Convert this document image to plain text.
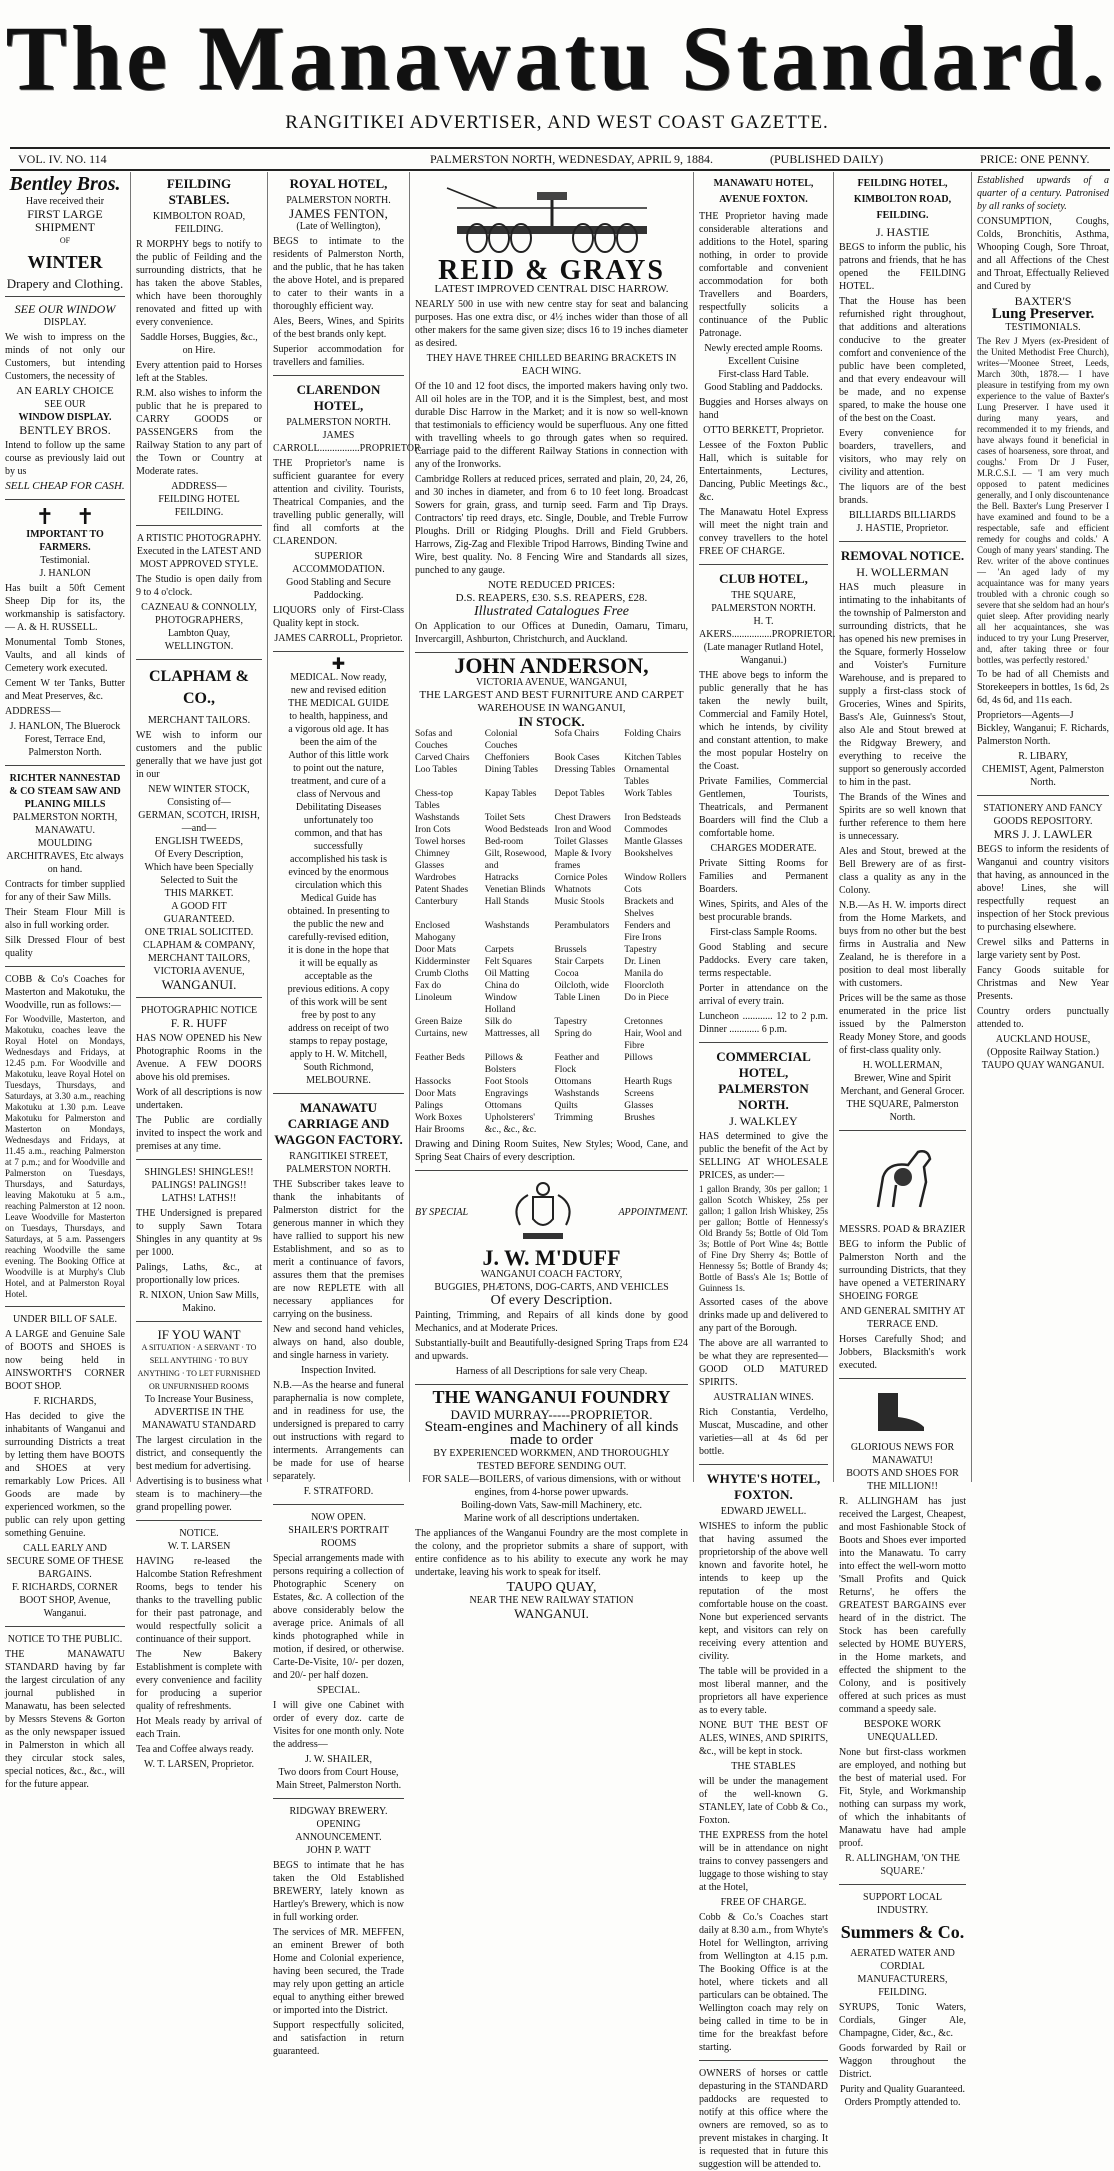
The Manawatu Standard.
RANGITIKEI ADVERTISER, AND WEST COAST GAZETTE.
VOL. IV. NO. 114	PALMERSTON NORTH, WEDNESDAY, APRIL 9, 1884.	(PUBLISHED DAILY)	PRICE: ONE PENNY.
Bentley Bros.
Have received their
FIRST LARGE SHIPMENT
OF
WINTER
Drapery and Clothing.
SEE OUR WINDOW
DISPLAY.
We wish to impress on the minds of not only our Customers, but intending Customers, the necessity of
AN EARLY CHOICE
SEE OUR
WINDOW DISPLAY.
BENTLEY BROS.
Intend to follow up the same course as previously laid out by us
SELL CHEAP FOR CASH.
✝    ✝
IMPORTANT TO FARMERS.
Testimonial.
J. HANLON
Has built a 50ft Cement Sheep Dip for its, the workmanship is satisfactory. — A. & H. RUSSELL.
Monumental Tomb Stones, Vaults, and all kinds of Cemetery work executed.
Cement W ter Tanks, Butter and Meat Preserves, &c.
ADDRESS—
J. HANLON, The Bluerock Forest, Terrace End, Palmerston North.
RICHTER NANNESTAD & CO STEAM SAW AND PLANING MILLS
PALMERSTON NORTH, MANAWATU.
MOULDING ARCHITRAVES, Etc always on hand.
Contracts for timber supplied for any of their Saw Mills.
Their Steam Flour Mill is also in full working order.
Silk Dressed Flour of best quality
COBB & Co's Coaches for Masterton and Makotuku, the Woodville, run as follows:—
For Woodville, Masterton, and Makotuku, coaches leave the Royal Hotel on Mondays, Wednesdays and Fridays, at 12.45 p.m. For Woodville and Makotuku, leave Royal Hotel on Tuesdays, Thursdays, and Saturdays, at 3.30 a.m., reaching Makotuku at 1.30 p.m. Leave Makotuku for Palmerston and Masterton on Mondays, Wednesdays and Fridays, at 11.45 a.m., reaching Palmerston at 7 p.m.; and for Woodville and Palmerston on Tuesdays, Thursdays, and Saturdays, leaving Makotuku at 5 a.m., reaching Palmerston at 12 noon. Leave Woodville for Masterton on Tuesdays, Thursdays, and Saturdays, at 5 a.m. Passengers reaching Woodville the same evening. The Booking Office at Woodville is at Murphy's Club Hotel, and at Palmerston Royal Hotel.
UNDER BILL OF SALE.
A LARGE and Genuine Sale of BOOTS and SHOES is now being held in AINSWORTH'S CORNER BOOT SHOP.
F. RICHARDS,
Has decided to give the inhabitants of Wanganui and surrounding Districts a treat by letting them have BOOTS and SHOES at very remarkably Low Prices. All Goods are made by experienced workmen, so the public can rely upon getting something Genuine.
CALL EARLY AND SECURE SOME OF THESE BARGAINS.
F. RICHARDS, CORNER BOOT SHOP, Avenue, Wanganui.
NOTICE TO THE PUBLIC.
THE MANAWATU STANDARD having by far the largest circulation of any journal published in Manawatu, has been selected by Messrs Stevens & Gorton as the only newspaper issued in Palmerston in which all they circular stock sales, special notices, &c., &c., will for the future appear.
FEILDING STABLES.
KIMBOLTON ROAD, FEILDING.
R MORPHY begs to notify to the public of Feilding and the surrounding districts, that he has taken the above Stables, which have been thoroughly renovated and fitted up with every convenience.
Saddle Horses, Buggies, &c., on Hire.
Every attention paid to Horses left at the Stables.
R.M. also wishes to inform the public that he is prepared to CARRY GOODS or PASSENGERS from the Railway Station to any part of the Town or Country at Moderate rates.
ADDRESS—
FEILDING HOTEL FEILDING.
A RTISTIC PHOTOGRAPHY.
Executed in the LATEST AND MOST APPROVED STYLE.
The Studio is open daily from 9 to 4 o'clock.
CAZNEAU & CONNOLLY, PHOTOGRAPHERS,
Lambton Quay, WELLINGTON.
CLAPHAM & CO.,
MERCHANT TAILORS.
WE wish to inform our customers and the public generally that we have just got in our
NEW WINTER STOCK,
Consisting of—
GERMAN, SCOTCH, IRISH,
—and—
ENGLISH TWEEDS,
Of Every Description,
Which have been Specially Selected to Suit the
THIS MARKET.
A GOOD FIT GUARANTEED.
ONE TRIAL SOLICITED.
CLAPHAM & COMPANY,
MERCHANT TAILORS,
VICTORIA AVENUE,
WANGANUI.
PHOTOGRAPHIC NOTICE
F. R. HUFF
HAS NOW OPENED his New Photographic Rooms in the Avenue. A FEW DOORS above his old premises.
Work of all descriptions is now undertaken.
The Public are cordially invited to inspect the work and premises at any time.
SHINGLES! SHINGLES!!
PALINGS! PALINGS!!
LATHS! LATHS!!
THE Undersigned is prepared to supply Sawn Totara Shingles in any quantity at 9s per 1000.
Palings, Laths, &c., at proportionally low prices.
R. NIXON, Union Saw Mills, Makino.
IF YOU WANT
A SITUATION · A SERVANT · TO SELL ANYTHING · TO BUY ANYTHING · TO LET FURNISHED OR UNFURNISHED ROOMS
To Increase Your Business, ADVERTISE IN THE MANAWATU STANDARD
The largest circulation in the district, and consequently the best medium for advertising.
Advertising is to business what steam is to machinery—the grand propelling power.
NOTICE.
W. T. LARSEN
HAVING re-leased the Halcombe Station Refreshment Rooms, begs to tender his thanks to the travelling public for their past patronage, and would respectfully solicit a continuance of their support.
The New Bakery Establishment is complete with every convenience and facility for producing a superior quality of refreshments.
Hot Meals ready by arrival of each Train.
Tea and Coffee always ready.
W. T. LARSEN, Proprietor.
ROYAL HOTEL,
PALMERSTON NORTH.
JAMES FENTON,
(Late of Wellington),
BEGS to intimate to the residents of Palmerston North, and the public, that he has taken the above Hotel, and is prepared to cater to their wants in a thoroughly efficient way.
Ales, Beers, Wines, and Spirits of the best brands only kept.
Superior accommodation for travellers and families.
CLARENDON HOTEL,
PALMERSTON NORTH.
JAMES CARROLL................PROPRIETOR.
THE Proprietor's name is sufficient guarantee for every attention and civility. Tourists, Theatrical Companies, and the travelling public generally, will find all comforts at the CLARENDON.
SUPERIOR ACCOMMODATION.
Good Stabling and Secure Paddocking.
LIQUORS only of First-Class Quality kept in stock.
JAMES CARROLL, Proprietor.
✚
MEDICAL. Now ready, new and revised edition THE MEDICAL GUIDE to health, happiness, and a vigorous old age. It has been the aim of the Author of this little work to point out the nature, treatment, and cure of a class of Nervous and Debilitating Diseases unfortunately too common, and that has successfully accomplished his task is evinced by the enormous circulation which this Medical Guide has obtained. In presenting to the public the new and carefully-revised edition, it is done in the hope that it will be equally as acceptable as the previous editions. A copy of this work will be sent free by post to any address on receipt of two stamps to repay postage, apply to H. W. Mitchell, South Richmond, MELBOURNE.
MANAWATU CARRIAGE AND WAGGON FACTORY.
RANGITIKEI STREET, PALMERSTON NORTH.
THE Subscriber takes leave to thank the inhabitants of Palmerston district for the generous manner in which they have rallied to support his new Establishment, and so as to merit a continuance of favors, assures them that the premises are now REPLETE with all necessary appliances for carrying on the business.
New and second hand vehicles, always on hand, also double, and single harness in variety.
Inspection Invited.
N.B.—As the hearse and funeral paraphernalia is now complete, and in readiness for use, the undersigned is prepared to carry out instructions with regard to interments. Arrangements can be made for use of hearse separately.
F. STRATFORD.
NOW OPEN.
SHAILER'S PORTRAIT ROOMS
Special arrangements made with persons requiring a collection of Photographic Scenery on Estates, &c. A collection of the above considerably below the average price. Animals of all kinds photographed while in motion, if desired, or otherwise. Carte-De-Visite, 10/- per dozen, and 20/- per half dozen.
SPECIAL.
I will give one Cabinet with order of every doz. carte de Visites for one month only. Note the address—
J. W. SHAILER,
Two doors from Court House, Main Street, Palmerston North.
RIDGWAY BREWERY.
OPENING ANNOUNCEMENT.
JOHN P. WATT
BEGS to intimate that he has taken the Old Established BREWERY, lately known as Hartley's Brewery, which is now in full working order.
The services of MR. MEFFEN, an eminent Brewer of both Home and Colonial experience, having been secured, the Trade may rely upon getting an article equal to anything either brewed or imported into the District.
Support respectfully solicited, and satisfaction in return guaranteed.
REID & GRAYS
LATEST IMPROVED CENTRAL DISC HARROW.
NEARLY 500 in use with new centre stay for seat and balancing purposes. Has one extra disc, or 4½ inches wider than those of all other makers for the same given size; discs 16 to 19 inches diameter as desired.
THEY HAVE THREE CHILLED BEARING BRACKETS IN EACH WING.
Of the 10 and 12 foot discs, the imported makers having only two. All oil holes are in the TOP, and it is the Simplest, best, and most durable Disc Harrow in the Market; and it is now so well-known that testimonials to efficiency would be superfluous. Any one fitted with travelling wheels to go through gates when so required. Carriage paid to the different Railway Stations in connection with any of the Ironworks.
Cambridge Rollers at reduced prices, serrated and plain, 20, 24, 26, and 30 inches in diameter, and from 6 to 10 feet long. Broadcast Sowers for grain, grass, and turnip seed. Farm and Tip Drays. Contractors' tip reed drays, etc. Single, Double, and Treble Furrow Ploughs. Drill or Ridging Ploughs. Drill and Field Grubbers. Harrows, Zig-Zag and Flexible Tripod Harrows, Binding Twine and Wire, best quality. No. 8 Fencing Wire and Standards all sizes, punched to any gauge.
NOTE REDUCED PRICES:
D.S. REAPERS, £30. S.S. REAPERS, £28.
Illustrated Catalogues Free
On Application to our Offices at Dunedin, Oamaru, Timaru, Invercargill, Ashburton, Christchurch, and Auckland.
JOHN ANDERSON,
VICTORIA AVENUE, WANGANUI,
THE LARGEST AND BEST FURNITURE AND CARPET WAREHOUSE IN WANGANUI,
IN STOCK.
Sofas and Couches
Colonial Couches
Sofa Chairs	Folding Chairs
Carved Chairs	Cheffoniers	Book Cases	Kitchen Tables
Loo Tables	Dining Tables	Dressing Tables Ornamental Tables
Chess-top Tables
Kapay Tables	Depot Tables	Work Tables
Washstands	Toilet Sets	Chest Drawers	Iron Bedsteads
Iron Cots	Wood Bedsteads Iron and Wood	Commodes
Towel horses	Bed-room	Toilet Glasses	Mantle Glasses
Chimney Glasses
Gilt, Rosewood, and
Maple & Ivory frames
Bookshelves
Wardrobes	Hatracks	Cornice Poles	Window Rollers
Patent Shades	Venetian Blinds Whatnots	Cots
Canterbury	Hall Stands	Music Stools	Brackets and Shelves
Enclosed Mahogany
Washstands	Perambulators	Fenders and Fire Irons
Door Mats	Carpets	Brussels	Tapestry
Kidderminster	Felt Squares	Stair Carpets	Dr. Linen
Crumb Cloths	Oil Matting	Cocoa	Manila do
Fax do	China do	Oilcloth, wide	Floorcloth
Linoleum	Window Holland
Table Linen	Do in Piece
Green Baize	Silk do	Tapestry	Cretonnes
Curtains, new	Mattresses, all	Spring do	Hair, Wool and Fibre
Feather Beds	Pillows & Bolsters
Feather and Flock
Pillows
Hassocks	Foot Stools	Ottomans	Hearth Rugs
Door Mats	Engravings	Washstands	Screens
Palings	Ottomans	Quilts	Glasses
Work Boxes	Upholsterers'	Trimming	Brushes
Hair Brooms	&c., &c., &c.
Drawing and Dining Room Suites, New Styles; Wood, Cane, and Spring Seat Chairs of every description.
BY SPECIAL	APPOINTMENT.
J. W. M'DUFF
WANGANUI COACH FACTORY,
BUGGIES, PHÆTONS, DOG-CARTS, AND VEHICLES
Of every Description.
Painting, Trimming, and Repairs of all kinds done by good Mechanics, and at Moderate Prices.
Substantially-built and Beautifully-designed Spring Traps from £24 and upwards.
Harness of all Descriptions for sale very Cheap.
THE WANGANUI FOUNDRY
DAVID MURRAY-----PROPRIETOR.
Steam-engines and Machinery of all kinds made to order
BY EXPERIENCED WORKMEN, AND THOROUGHLY TESTED BEFORE SENDING OUT.
FOR SALE—BOILERS, of various dimensions, with or without engines, from 4-horse power upwards.
Boiling-down Vats, Saw-mill Machinery, etc.
Marine work of all descriptions undertaken.
The appliances of the Wanganui Foundry are the most complete in the colony, and the proprietor submits a share of support, with entire confidence as to his ability to execute any work he may undertake, leaving his work to speak for itself.
TAUPO QUAY,
NEAR THE NEW RAILWAY STATION
WANGANUI.
MANAWATU HOTEL, AVENUE FOXTON.
THE Proprietor having made considerable alterations and additions to the Hotel, sparing nothing, in order to provide comfortable and convenient accommodation for both Travellers and Boarders, respectfully solicits a continuance of the Public Patronage.
Newly erected ample Rooms.
Excellent Cuisine
First-class Hard Table.
Good Stabling and Paddocks.
Buggies and Horses always on hand
OTTO BERKETT, Proprietor.
Lessee of the Foxton Public Hall, which is suitable for Entertainments, Lectures, Dancing, Public Meetings &c., &c.
The Manawatu Hotel Express will meet the night train and convey travellers to the hotel FREE OF CHARGE.
CLUB HOTEL,
THE SQUARE,
PALMERSTON NORTH.
H. T. AKERS................PROPRIETOR.
(Late manager Rutland Hotel, Wanganui.)
THE above begs to inform the public generally that he has taken the newly built, Commercial and Family Hotel, which he intends, by civility and constant attention, to make the most popular Hostelry on the Coast.
Private Families, Commercial Gentlemen, Tourists, Theatricals, and Permanent Boarders will find the Club a comfortable home.
CHARGES MODERATE.
Private Sitting Rooms for Families and Permanent Boarders.
Wines, Spirits, and Ales of the best procurable brands.
First-class Sample Rooms.
Good Stabling and secure Paddocks. Every care taken, terms respectable.
Porter in attendance on the arrival of every train.
Luncheon ............ 12 to 2 p.m. Dinner ............ 6 p.m.
COMMERCIAL HOTEL, PALMERSTON NORTH.
J. WALKLEY
HAS determined to give the public the benefit of the Act by SELLING AT WHOLESALE PRICES, as under:—
1 gallon Brandy, 30s per gallon; 1 gallon Scotch Whiskey, 25s per gallon; 1 gallon Irish Whiskey, 25s per gallon; Bottle of Hennessy's Old Brandy 5s; Bottle of Old Tom 3s; Bottle of Port Wine 4s; Bottle of Fine Dry Sherry 4s; Bottle of Hennessy 5s; Bottle of Brandy 4s; Bottle of Bass's Ale 1s; Bottle of Guinness 1s.
Assorted cases of the above drinks made up and delivered to any part of the Borough.
The above are all warranted to be what they are represented—GOOD OLD MATURED SPIRITS.
AUSTRALIAN WINES.
Rich Constantia, Verdelho, Muscat, Muscadine, and other varieties—all at 4s 6d per bottle.
WHYTE'S HOTEL, FOXTON.
EDWARD JEWELL.
WISHES to inform the public that having assumed the proprietorship of the above well known and favorite hotel, he intends to keep up the reputation of the most comfortable house on the coast. None but experienced servants kept, and visitors can rely on receiving every attention and civility.
The table will be provided in a most liberal manner, and the proprietors all have experience as to every table.
NONE BUT THE BEST OF ALES, WINES, AND SPIRITS, &c., will be kept in stock.
THE STABLES
will be under the management of the well-known G. STANLEY, late of Cobb & Co., Foxton.
THE EXPRESS from the hotel will be in attendance on night trains to convey passengers and luggage to those wishing to stay at the Hotel,
FREE OF CHARGE.
Cobb & Co.'s Coaches start daily at 8.30 a.m., from Whyte's Hotel for Wellington, arriving from Wellington at 4.15 p.m. The Booking Office is at the hotel, where tickets and all particulars can be obtained. The Wellington coach may rely on being called in time to be in time for the breakfast before starting.
OWNERS of horses or cattle depasturing in the STANDARD paddocks are requested to notify at this office where the owners are removed, so as to prevent mistakes in charging. It is requested that in future this suggestion will be attended to.
FEILDING HOTEL, KIMBOLTON ROAD, FEILDING.
J. HASTIE
BEGS to inform the public, his patrons and friends, that he has opened the FEILDING HOTEL.
That the House has been refurnished right throughout, that additions and alterations conducive to the greater comfort and convenience of the public have been completed, and that every endeavour will be made, and no expense spared, to make the house one of the best on the Coast.
Every convenience for boarders, travellers, and visitors, who may rely on civility and attention.
The liquors are of the best brands.
BILLIARDS BILLIARDS
J. HASTIE, Proprietor.
REMOVAL NOTICE.
H. WOLLERMAN
HAS much pleasure in intimating to the inhabitants of the township of Palmerston and surrounding districts, that he has opened his new premises in the Square, formerly Hosselow and Voister's Furniture Warehouse, and is prepared to supply a first-class stock of Groceries, Wines and Spirits, Bass's Ale, Guinness's Stout, also Ale and Stout brewed at the Ridgway Brewery, and everything to receive the support so generously accorded to him in the past.
The Brands of the Wines and Spirits are so well known that further reference to them here is unnecessary.
Ales and Stout, brewed at the Bell Brewery are of as first-class a quality as any in the Colony.
N.B.—As H. W. imports direct from the Home Markets, and buys from no other but the best firms in Australia and New Zealand, he is therefore in a position to deal most liberally with customers.
Prices will be the same as those enumerated in the price list issued by the Palmerston Ready Money Store, and goods of first-class quality only.
H. WOLLERMAN,
Brewer, Wine and Spirit Merchant, and General Grocer.
THE SQUARE, Palmerston North.
MESSRS. POAD & BRAZIER
BEG to inform the Public of Palmerston North and the surrounding Districts, that they have opened a VETERINARY SHOEING FORGE
AND GENERAL SMITHY AT TERRACE END.
Horses Carefully Shod; and Jobbers, Blacksmith's work executed.
GLORIOUS NEWS FOR MANAWATU!
BOOTS AND SHOES FOR THE MILLION!!
R. ALLINGHAM has just received the Largest, Cheapest, and most Fashionable Stock of Boots and Shoes ever imported into the Manawatu. To carry into effect the well-worn motto 'Small Profits and Quick Returns', he offers the GREATEST BARGAINS ever heard of in the district. The Stock has been carefully selected by HOME BUYERS, in the Home markets, and effected the shipment to the Colony, and is positively offered at such prices as must command a speedy sale.
BESPOKE WORK UNEQUALLED.
None but first-class workmen are employed, and nothing but the best of material used. For Fit, Style, and Workmanship nothing can surpass my work, of which the inhabitants of Manawatu have had ample proof.
R. ALLINGHAM, 'ON THE SQUARE.'
SUPPORT LOCAL INDUSTRY.
Summers & Co.
AERATED WATER AND CORDIAL MANUFACTURERS, FEILDING.
SYRUPS, Tonic Waters, Cordials, Ginger Ale, Champagne, Cider, &c., &c.
Goods forwarded by Rail or Waggon throughout the District.
Purity and Quality Guaranteed.
Orders Promptly attended to.
Established upwards of a quarter of a century. Patronised by all ranks of society.
CONSUMPTION, Coughs, Colds, Bronchitis, Asthma, Whooping Cough, Sore Throat, and all Affections of the Chest and Throat, Effectually Relieved and Cured by
BAXTER'S
Lung Preserver.
TESTIMONIALS.
The Rev J Myers (ex-President of the United Methodist Free Church), writes—'Moonee Street, Leeds, March 30th, 1878.— I have pleasure in testifying from my own experience to the value of Baxter's Lung Preserver. I have used it during many years, and recommended it to my friends, and have always found it beneficial in cases of hoarseness, sore throat, and coughs.' From Dr J Fuser, M.R.C.S.I. — 'I am very much opposed to patent medicines generally, and I only discountenance the Bell. Baxter's Lung Preserver I have examined and found to be a respectable, safe and efficient remedy for coughs and colds.' A Cough of many years' standing. The Rev. writer of the above continues— 'An aged lady of my acquaintance was for many years troubled with a chronic cough so severe that she seldom had an hour's quiet sleep. After providing nearly all her acquaintances, she was induced to try your Lung Preserver, and, after taking three or four bottles, was perfectly restored.'
To be had of all Chemists and Storekeepers in bottles, 1s 6d, 2s 6d, 4s 6d, and 11s each.
Proprietors—Agents—J Bickley, Wanganui; F. Richards, Palmerston North.
R. LIBARY,
CHEMIST, Agent, Palmerston North.
STATIONERY AND FANCY GOODS REPOSITORY.
MRS J. J. LAWLER
BEGS to inform the residents of Wanganui and country visitors that having, as announced in the above! Lines, she will respectfully request an inspection of her Stock previous to purchasing elsewhere.
Crewel silks and Patterns in large variety sent by Post.
Fancy Goods suitable for Christmas and New Year Presents.
Country orders punctually attended to.
AUCKLAND HOUSE,
(Opposite Railway Station.)
TAUPO QUAY WANGANUI.
